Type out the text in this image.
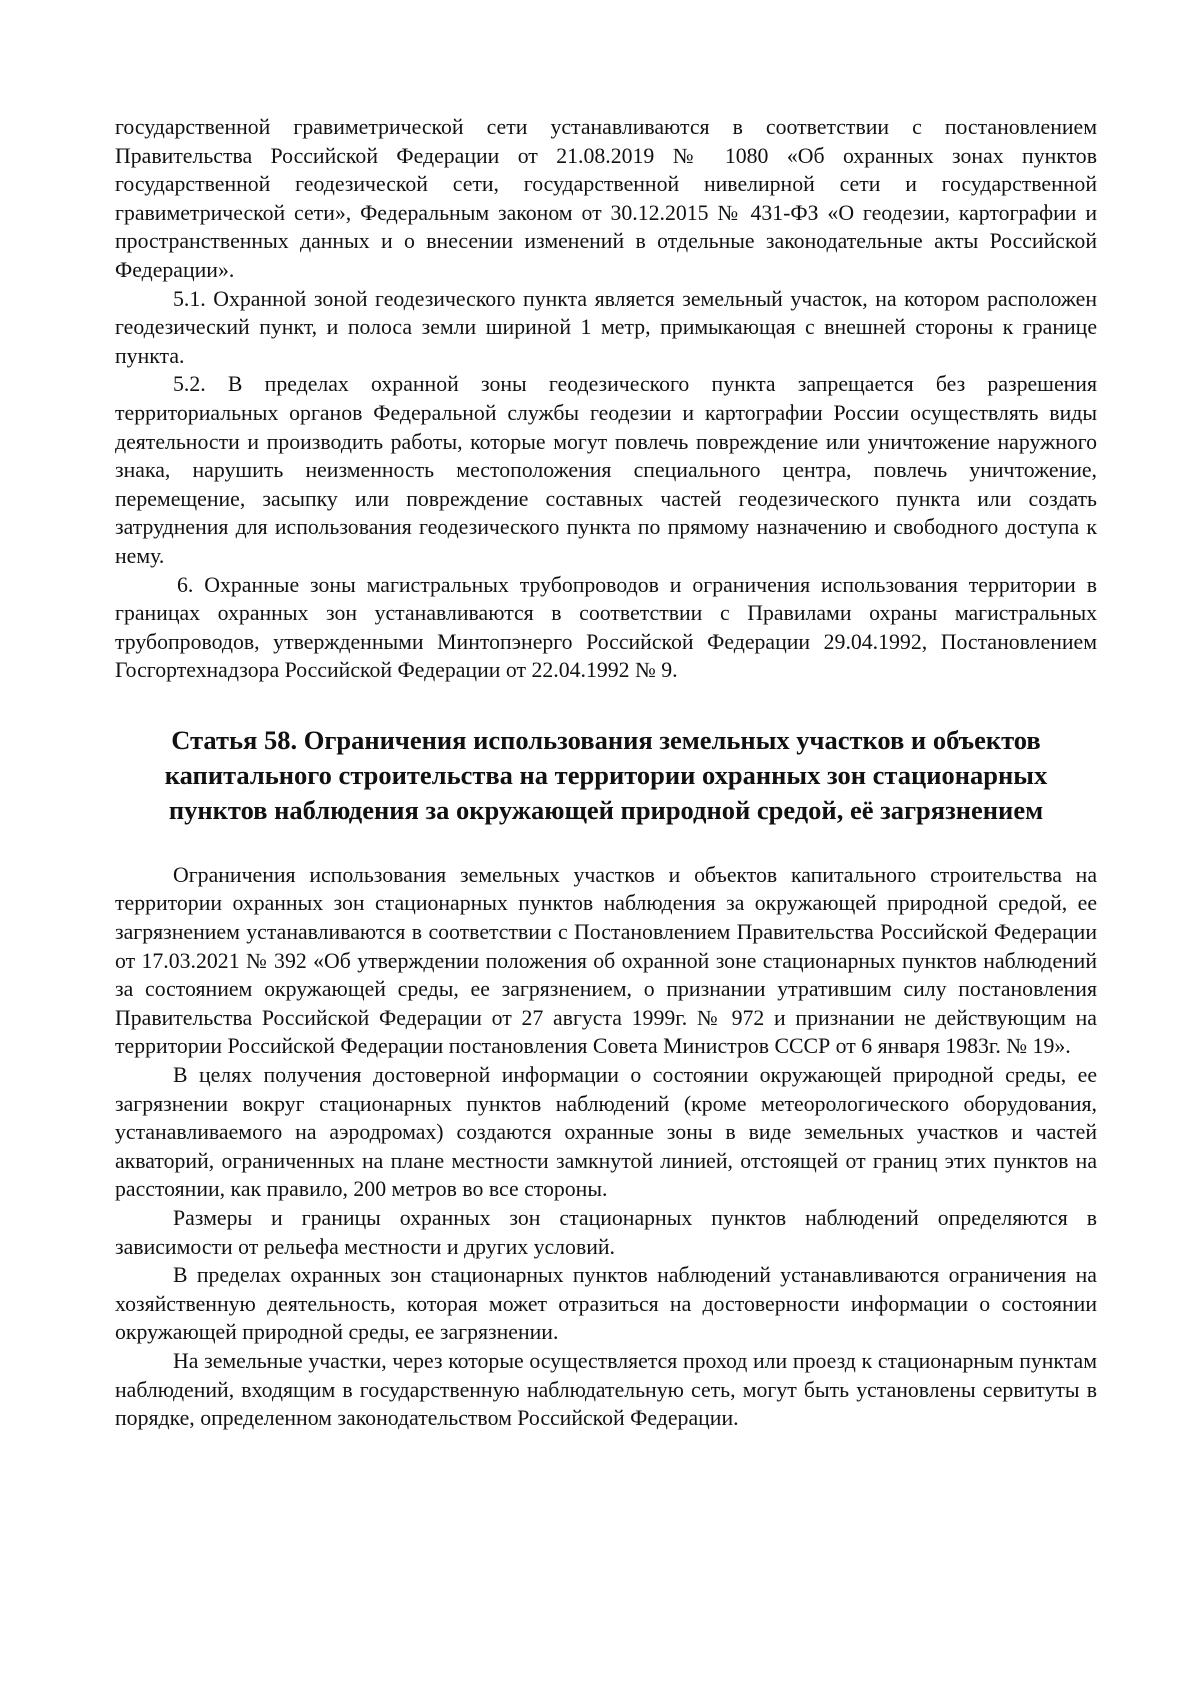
государственной гравиметрической сети устанавливаются в соответствии с постановлением Правительства Российской Федерации от 21.08.2019 № 1080 «Об охранных зонах пунктов государственной геодезической сети, государственной нивелирной сети и государственной гравиметрической сети», Федеральным законом от 30.12.2015 № 431-ФЗ «О геодезии, картографии и пространственных данных и о внесении изменений в отдельные законодательные акты Российской Федерации».

5.1. Охранной зоной геодезического пункта является земельный участок, на котором расположен геодезический пункт, и полоса земли шириной 1 метр, примыкающая с внешней стороны к границе пункта.

5.2. В пределах охранной зоны геодезического пункта запрещается без разрешения территориальных органов Федеральной службы геодезии и картографии России осуществлять виды деятельности и производить работы, которые могут повлечь повреждение или уничтожение наружного знака, нарушить неизменность местоположения специального центра, повлечь уничтожение, перемещение, засыпку или повреждение составных частей геодезического пункта или создать затруднения для использования геодезического пункта по прямому назначению и свободного доступа к нему.

6. Охранные зоны магистральных трубопроводов и ограничения использования территории в границах охранных зон устанавливаются в соответствии с Правилами охраны магистральных трубопроводов, утвержденными Минтопэнерго Российской Федерации 29.04.1992, Постановлением Госгортехнадзора Российской Федерации от 22.04.1992 № 9.

Статья 58. Ограничения использования земельных участков и объектов капитального строительства на территории охранных зон стационарных пунктов наблюдения за окружающей природной средой, её загрязнением

Ограничения использования земельных участков и объектов капитального строительства на территории охранных зон стационарных пунктов наблюдения за окружающей природной средой, ее загрязнением устанавливаются в соответствии с Постановлением Правительства Российской Федерации от 17.03.2021 № 392 «Об утверждении положения об охранной зоне стационарных пунктов наблюдений за состоянием окружающей среды, ее загрязнением, о признании утратившим силу постановления Правительства Российской Федерации от 27 августа 1999г. № 972 и признании не действующим на территории Российской Федерации постановления Совета Министров СССР от 6 января 1983г. № 19».

В целях получения достоверной информации о состоянии окружающей природной среды, ее загрязнении вокруг стационарных пунктов наблюдений (кроме метеорологического оборудования, устанавливаемого на аэродромах) создаются охранные зоны в виде земельных участков и частей акваторий, ограниченных на плане местности замкнутой линией, отстоящей от границ этих пунктов на расстоянии, как правило, 200 метров во все стороны.

Размеры и границы охранных зон стационарных пунктов наблюдений определяются в зависимости от рельефа местности и других условий.

В пределах охранных зон стационарных пунктов наблюдений устанавливаются ограничения на хозяйственную деятельность, которая может отразиться на достоверности информации о состоянии окружающей природной среды, ее загрязнении.

На земельные участки, через которые осуществляется проход или проезд к стационарным пунктам наблюдений, входящим в государственную наблюдательную сеть, могут быть установлены сервитуты в порядке, определенном законодательством Российской Федерации.
